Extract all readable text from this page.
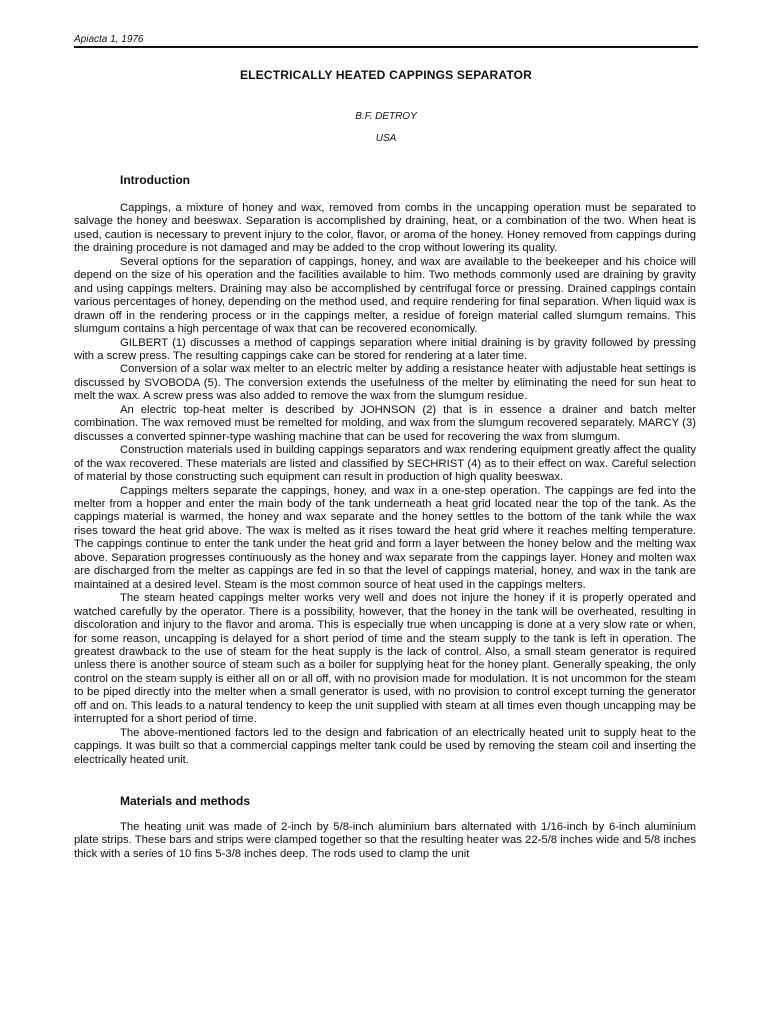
Apiacta 1, 1976
ELECTRICALLY HEATED CAPPINGS SEPARATOR
B.F. DETROY
USA
Introduction

Cappings, a mixture of honey and wax, removed from combs in the uncapping operation must be separated to salvage the honey and beeswax. Separation is accomplished by draining, heat, or a combination of the two. When heat is used, caution is necessary to prevent injury to the color, flavor, or aroma of the honey. Honey removed from cappings during the draining procedure is not damaged and may be added to the crop without lowering its quality.

Several options for the separation of cappings, honey, and wax are available to the beekeeper and his choice will depend on the size of his operation and the facilities available to him. Two methods commonly used are draining by gravity and using cappings melters. Draining may also be accomplished by centrifugal force or pressing. Drained cappings contain various percentages of honey, depending on the method used, and require rendering for final separation. When liquid wax is drawn off in the rendering process or in the cappings melter, a residue of foreign material called slumgum remains. This slumgum contains a high percentage of wax that can be recovered economically.

GILBERT (1) discusses a method of cappings separation where initial draining is by gravity followed by pressing with a screw press. The resulting cappings cake can be stored for rendering at a later time.

Conversion of a solar wax melter to an electric melter by adding a resistance heater with adjustable heat settings is discussed by SVOBODA (5). The conversion extends the usefulness of the melter by eliminating the need for sun heat to melt the wax. A screw press was also added to remove the wax from the slumgum residue.

An electric top-heat melter is described by JOHNSON (2) that is in essence a drainer and batch melter combination. The wax removed must be remelted for molding, and wax from the slumgum recovered separately. MARCY (3) discusses a converted spinner-type washing machine that can be used for recovering the wax from slumgum.

Construction materials used in building cappings separators and wax rendering equipment greatly affect the quality of the wax recovered. These materials are listed and classified by SECHRIST (4) as to their effect on wax. Careful selection of material by those constructing such equipment can result in production of high quality beeswax.

Cappings melters separate the cappings, honey, and wax in a one-step operation. The cappings are fed into the melter from a hopper and enter the main body of the tank underneath a heat grid located near the top of the tank. As the cappings material is warmed, the honey and wax separate and the honey settles to the bottom of the tank while the wax rises toward the heat grid above. The wax is melted as it rises toward the heat grid where it reaches melting temperature. The cappings continue to enter the tank under the heat grid and form a layer between the honey below and the melting wax above. Separation progresses continuously as the honey and wax separate from the cappings layer. Honey and molten wax are discharged from the melter as cappings are fed in so that the level of cappings material, honey, and wax in the tank are maintained at a desired level. Steam is the most common source of heat used in the cappings melters.

The steam heated cappings melter works very well and does not injure the honey if it is properly operated and watched carefully by the operator. There is a possibility, however, that the honey in the tank will be overheated, resulting in discoloration and injury to the flavor and aroma. This is especially true when uncapping is done at a very slow rate or when, for some reason, uncapping is delayed for a short period of time and the steam supply to the tank is left in operation. The greatest drawback to the use of steam for the heat supply is the lack of control. Also, a small steam generator is required unless there is another source of steam such as a boiler for supplying heat for the honey plant. Generally speaking, the only control on the steam supply is either all on or all off, with no provision made for modulation. It is not uncommon for the steam to be piped directly into the melter when a small generator is used, with no provision to control except turning the generator off and on. This leads to a natural tendency to keep the unit supplied with steam at all times even though uncapping may be interrupted for a short period of time.

The above-mentioned factors led to the design and fabrication of an electrically heated unit to supply heat to the cappings. It was built so that a commercial cappings melter tank could be used by removing the steam coil and inserting the electrically heated unit.

Materials and methods

The heating unit was made of 2-inch by 5/8-inch aluminium bars alternated with 1/16-inch by 6-inch aluminium plate strips. These bars and strips were clamped together so that the resulting heater was 22-5/8 inches wide and 5/8 inches thick with a series of 10 fins 5-3/8 inches deep. The rods used to clamp the unit
